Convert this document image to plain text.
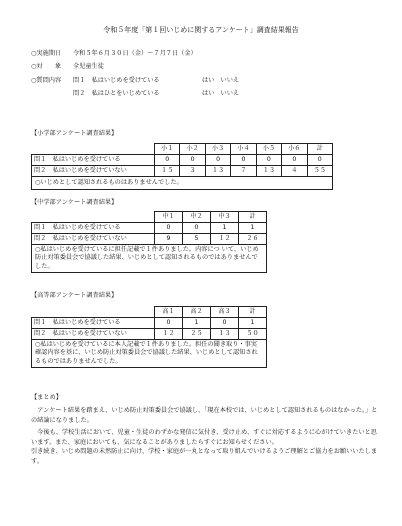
令和５年度「第１回いじめに関するアンケート」調査結果報告
○実施期日 令和５年６月３０日（金）～７月７日（金）
○対　　象 全児童生徒
○質問内容	問１　私はいじめを受けている	はい　いいえ
問２　私はひとをいじめている	はい　いいえ
【小学部アンケート調査結果】
	小１	小２	小３	小４	小５	小６	計
問１　私はいじめを受けている	0	0	0	0	0	0	0
問２　私はいじめを受けていない	１５	３	１３	７	１３	４	５５
○いじめとして認知されるものはありませんでした。							
【中学部アンケート調査結果】
	中１	中２	中３	計
問１　私はいじめを受けている	0	0	1	1
問２　私はいじめを受けていない	9	5	１２	２６
○私はいじめを受けているに担任記載で１件ありました。内容につ いて、いじめ防止対策委員会で協議した結果、いじめとして認知されるものではありませんでした。				
【高等部アンケート調査結果】
	高１	高２	高３	計
問１　私はいじめを受けている	0	1	0	1
問２　私はいじめを受けていない	１２	２５	１３	５０
○私はいじめを受けているに本人記載で１件ありました。担任の聞き取り・事実確認内容を基に、いじめ防止対策委員会で協議した結果、いじめとして認知されるものではありませんでした。				
【まとめ】

　アンケート結果を踏まえ、いじめ防止対策委員会で協議し、「現在本校では、いじめとして認知されるものはなかった。」との結論になりました。

　今後も、学校生活において、児童・生徒のわずかな発信に気付き、受け止め、すぐに対応するように心がけていきたいと思います。また、家庭においても、気になることがありましたらすぐにお知らせください。

引き続き、いじめ問題の未然防止に向け、学校・家庭が一丸となって取り組んでいけるようご理解とご協力をお願いいたします。
